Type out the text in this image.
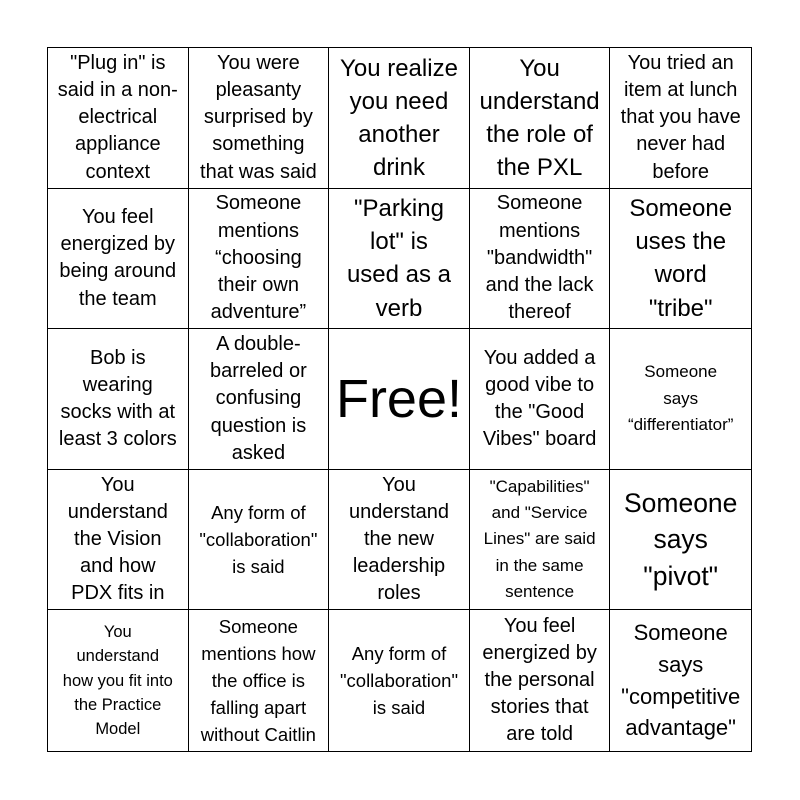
"Plug in" is
said in a non-
electrical
appliance
context
You were
pleasanty
surprised by
something
that was said
You realize
you need
another
drink
You
understand
the role of
the PXL
You tried an
item at lunch
that you have
never had
before
You feel
energized by
being around
the team
Someone
mentions
“choosing
their own
adventure”
"Parking
lot" is
used as a
verb
Someone
mentions
"bandwidth"
and the lack
thereof
Someone
uses the
word
"tribe"
Bob is
wearing
socks with at
least 3 colors
A double-
barreled or
confusing
question is
asked
Free!
You added a
good vibe to
the "Good
Vibes" board
Someone
says
“differentiator”
You
understand
the Vision
and how
PDX fits in
Any form of
"collaboration"
is said
You
understand
the new
leadership
roles
"Capabilities"
and "Service
Lines" are said
in the same
sentence
Someone
says
"pivot"
You
understand
how you fit into
the Practice
Model
Someone
mentions how
the office is
falling apart
without Caitlin
Any form of
"collaboration"
is said
You feel
energized by
the personal
stories that
are told
Someone
says
"competitive
advantage"
